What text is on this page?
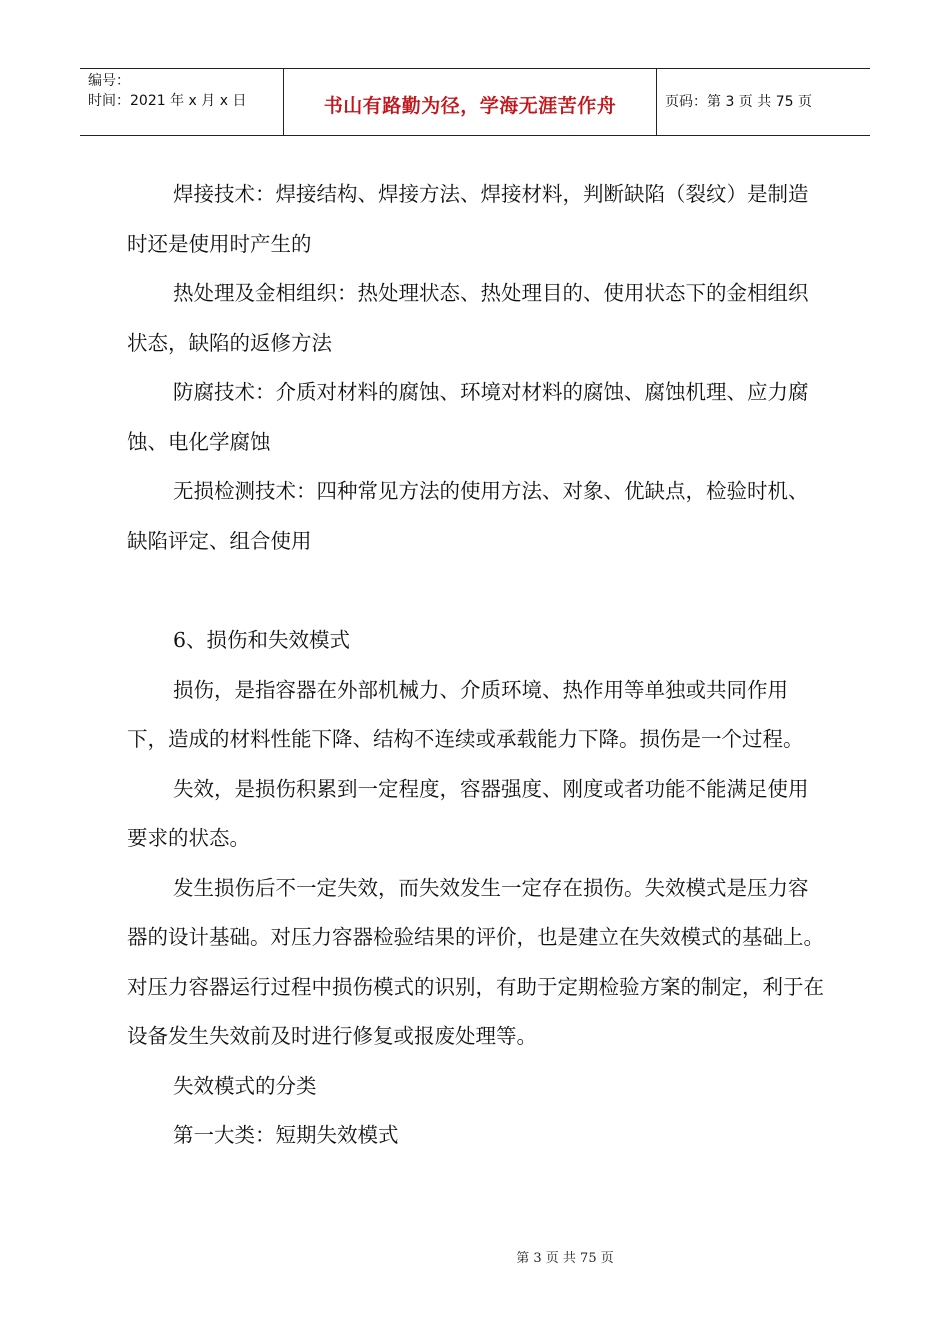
编号：
时间：2021 年 x 月 x 日	书山有路勤为径，学海无涯苦作舟	页码：第 3 页 共 75 页

焊接技术：焊接结构、焊接方法、焊接材料，判断缺陷（裂纹）是制造时还是使用时产生的

热处理及金相组织：热处理状态、热处理目的、使用状态下的金相组织状态，缺陷的返修方法

防腐技术：介质对材料的腐蚀、环境对材料的腐蚀、腐蚀机理、应力腐蚀、电化学腐蚀

无损检测技术：四种常见方法的使用方法、对象、优缺点，检验时机、缺陷评定、组合使用

6、损伤和失效模式

损伤，是指容器在外部机械力、介质环境、热作用等单独或共同作用下，造成的材料性能下降、结构不连续或承载能力下降。损伤是一个过程。

失效，是损伤积累到一定程度，容器强度、刚度或者功能不能满足使用要求的状态。

发生损伤后不一定失效，而失效发生一定存在损伤。失效模式是压力容器的设计基础。对压力容器检验结果的评价，也是建立在失效模式的基础上。对压力容器运行过程中损伤模式的识别，有助于定期检验方案的制定，利于在设备发生失效前及时进行修复或报废处理等。

失效模式的分类

第一大类：短期失效模式

第 3 页 共 75 页
